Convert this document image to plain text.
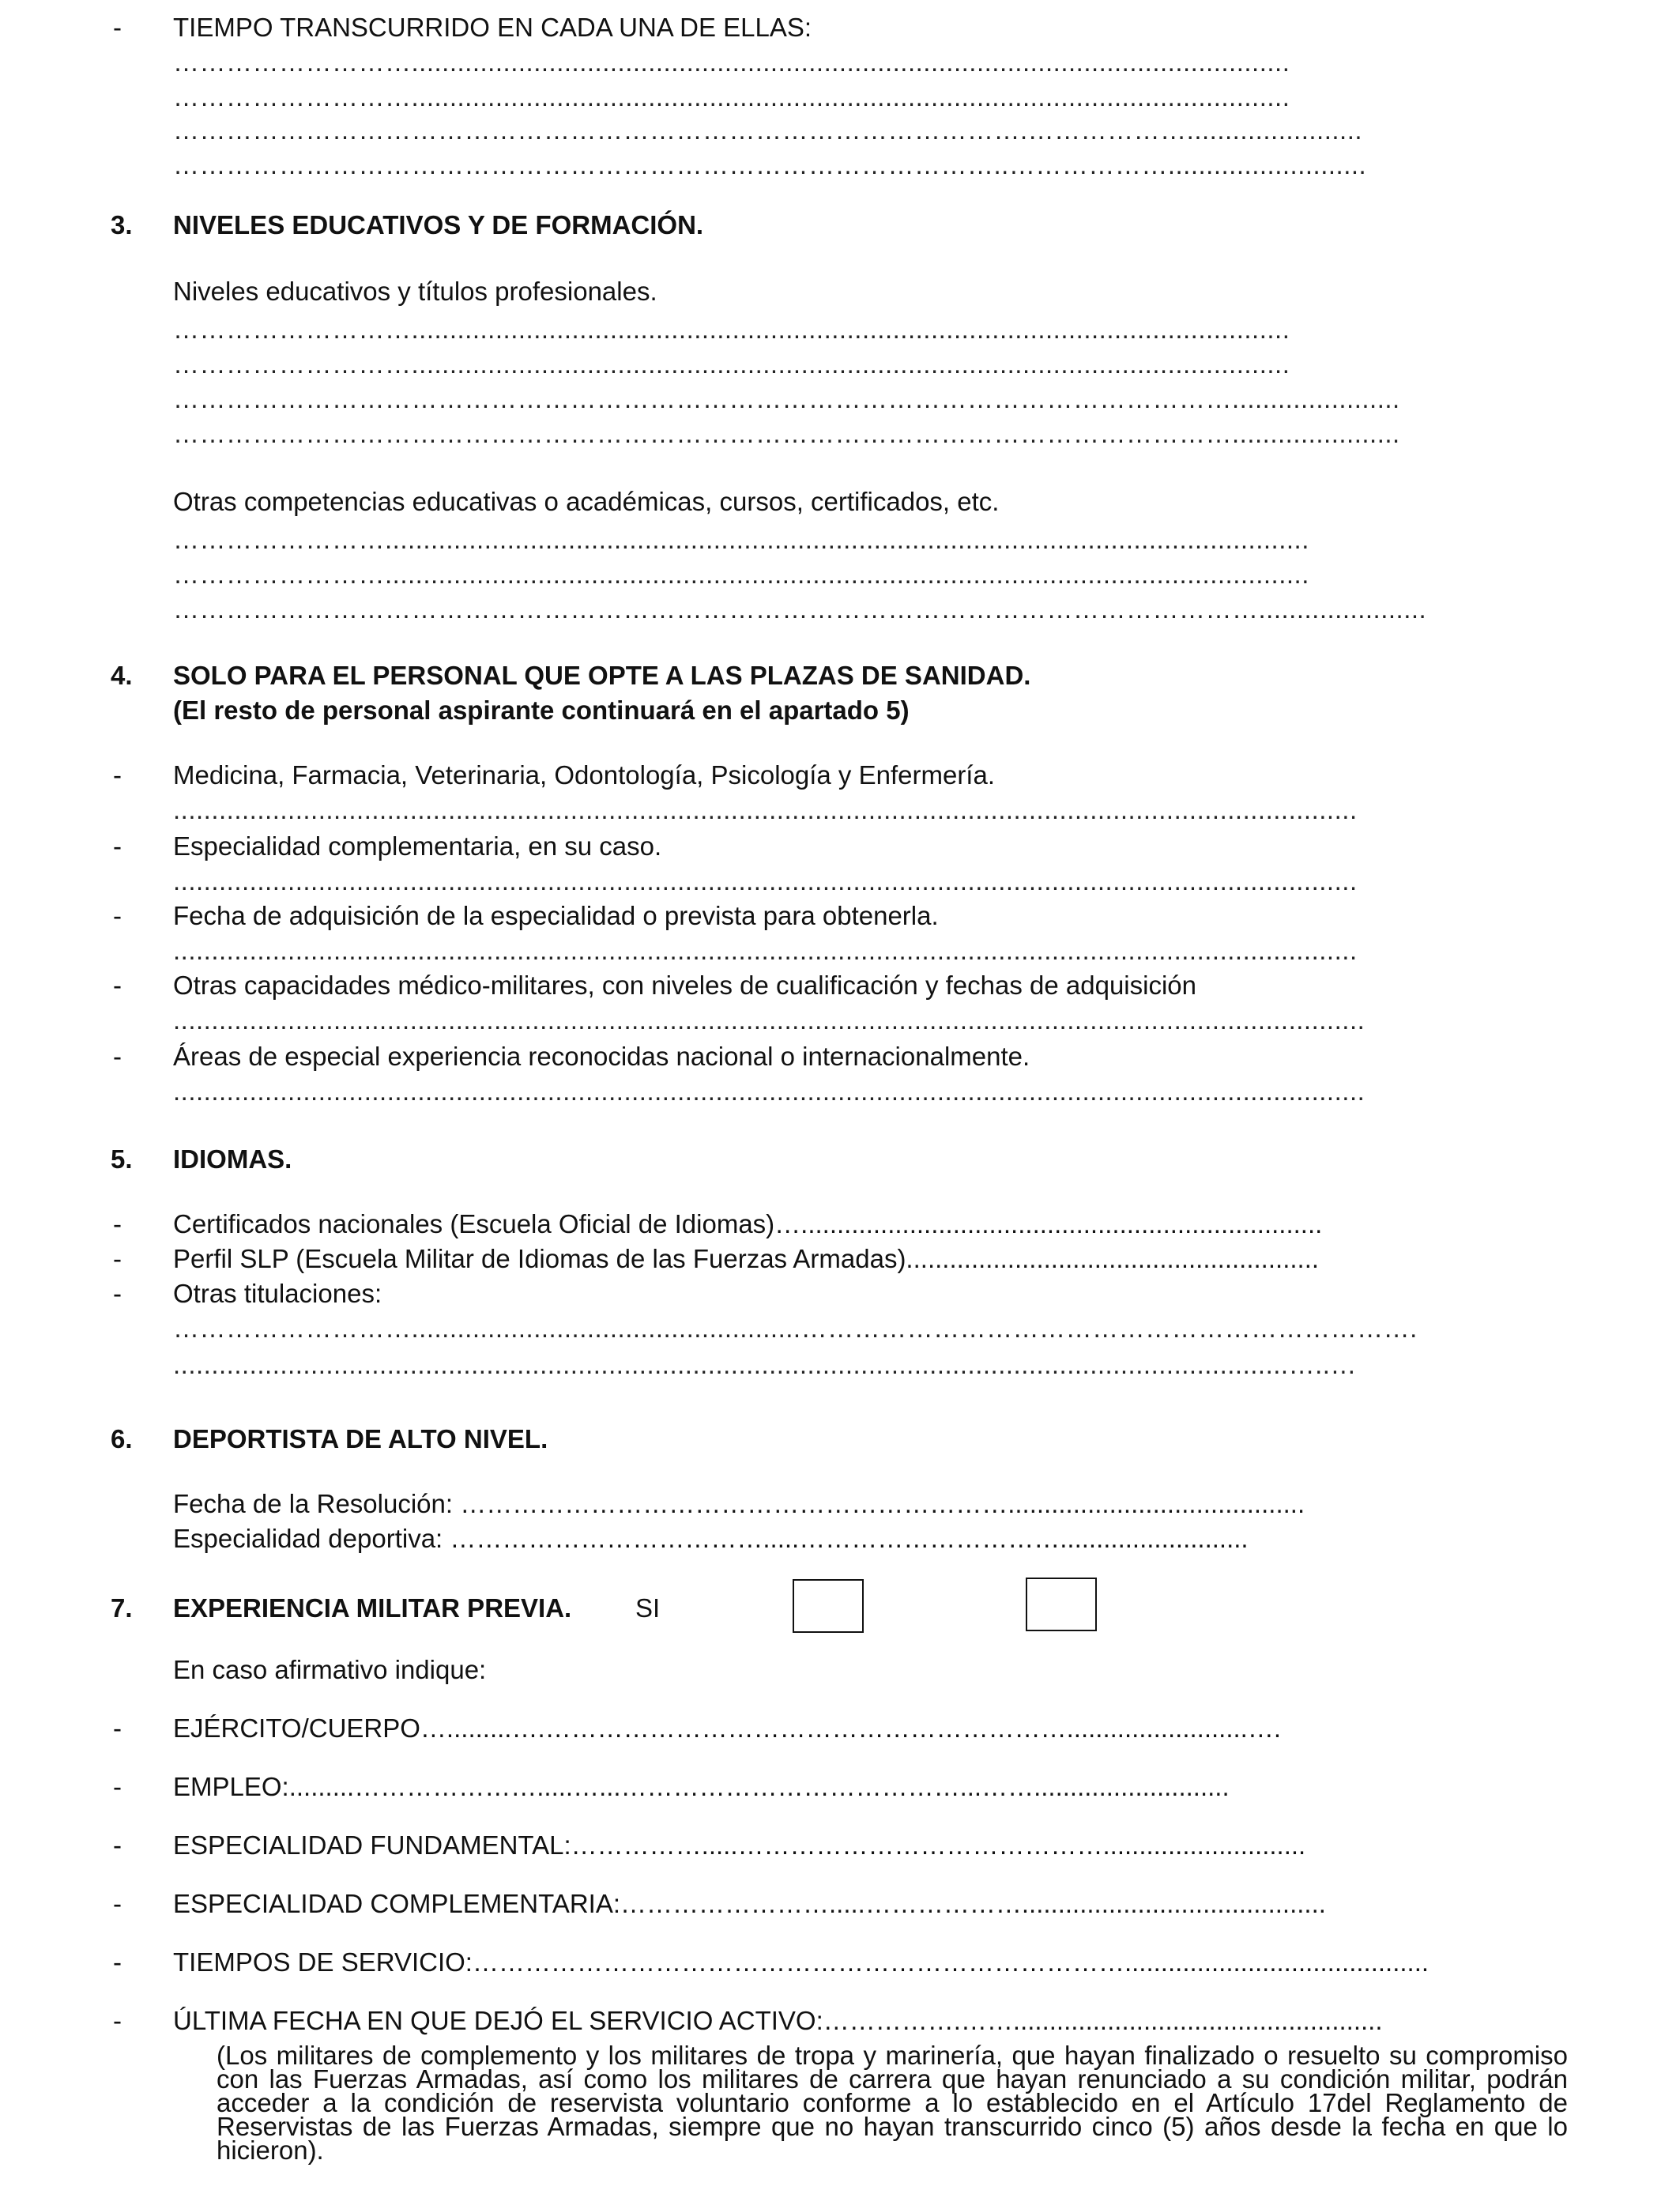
- TIEMPO TRANSCURRIDO EN CADA UNA DE ELLAS:
………………………...................................................................................................................
………………………...................................................................................................................
…………………………………………………………………………………….……………….......................
…………………………………………………………………………………..………………..........................
3. NIVELES EDUCATIVOS Y DE FORMACIÓN.
Niveles educativos y títulos profesionales.
………………………...................................................................................................................
………………………...................................................................................................................
…………………………………………………………………………………………………………......................
…………………………………………………………………………………………………………......................
Otras competencias educativas o académicas, cursos, certificados, etc.
…………………….........................................................................................................................
…………………….........................................................................................................................
……………………………………………………………………………………………………………......................
4. SOLO PARA EL PERSONAL QUE OPTE A LAS PLAZAS DE SANIDAD.
(El resto de personal aspirante continuará en el apartado 5)
- Medicina, Farmacia, Veterinaria, Odontología, Psicología y Enfermería.
...........................................................................................................................................................
- Especialidad complementaria, en su caso.
...........................................................................................................................................................
- Fecha de adquisición de la especialidad o prevista para obtenerla.
...........................................................................................................................................................
- Otras capacidades médico-militares, con niveles de cualificación y fechas de adquisición
............................................................................................................................................................
- Áreas de especial experiencia reconocidas nacional o internacionalmente.
............................................................................................................................................................
5. IDIOMAS.
- Certificados nacionales (Escuela Oficial de Idiomas)…........................................................................
- Perfil SLP (Escuela Militar de Idiomas de las Fuerzas Armadas).........................................................
- Otras titulaciones:
………………………...................................................…………………………………………………………….
..................................................................................................................................................…..…
6. DEPORTISTA DE ALTO NIVEL.
Fecha de la Resolución: ……………………………………………………….........................................
Especialidad deportiva: ……………………………….....…………………………..........................
7. EXPERIENCIA MILITAR PREVIA. SI
En caso afirmativo indique:
- EJÉRCITO/CUERPO….........….…………………………………………………….........................….
- EMPLEO:.........………………….....…...…………………………………...……...........................
- ESPECIALIDAD FUNDAMENTAL:…………….....……………………………………............................
- ESPECIALIDAD COMPLEMENTARIA:…………………….....………………..........................................
- TIEMPOS DE SERVICIO:…………………………………………………………………..........................................
- ÚLTIMA FECHA EN QUE DEJÓ EL SERVICIO ACTIVO:…………….……...................................................
(Los militares de complemento y los militares de tropa y marinería, que hayan finalizado o resuelto su compromiso con las Fuerzas Armadas, así como los militares de carrera que hayan renunciado a su condición militar, podrán acceder a la condición de reservista voluntario conforme a lo establecido en el Artículo 17del Reglamento de Reservistas de las Fuerzas Armadas, siempre que no hayan transcurrido cinco (5) años desde la fecha en que lo hicieron).
